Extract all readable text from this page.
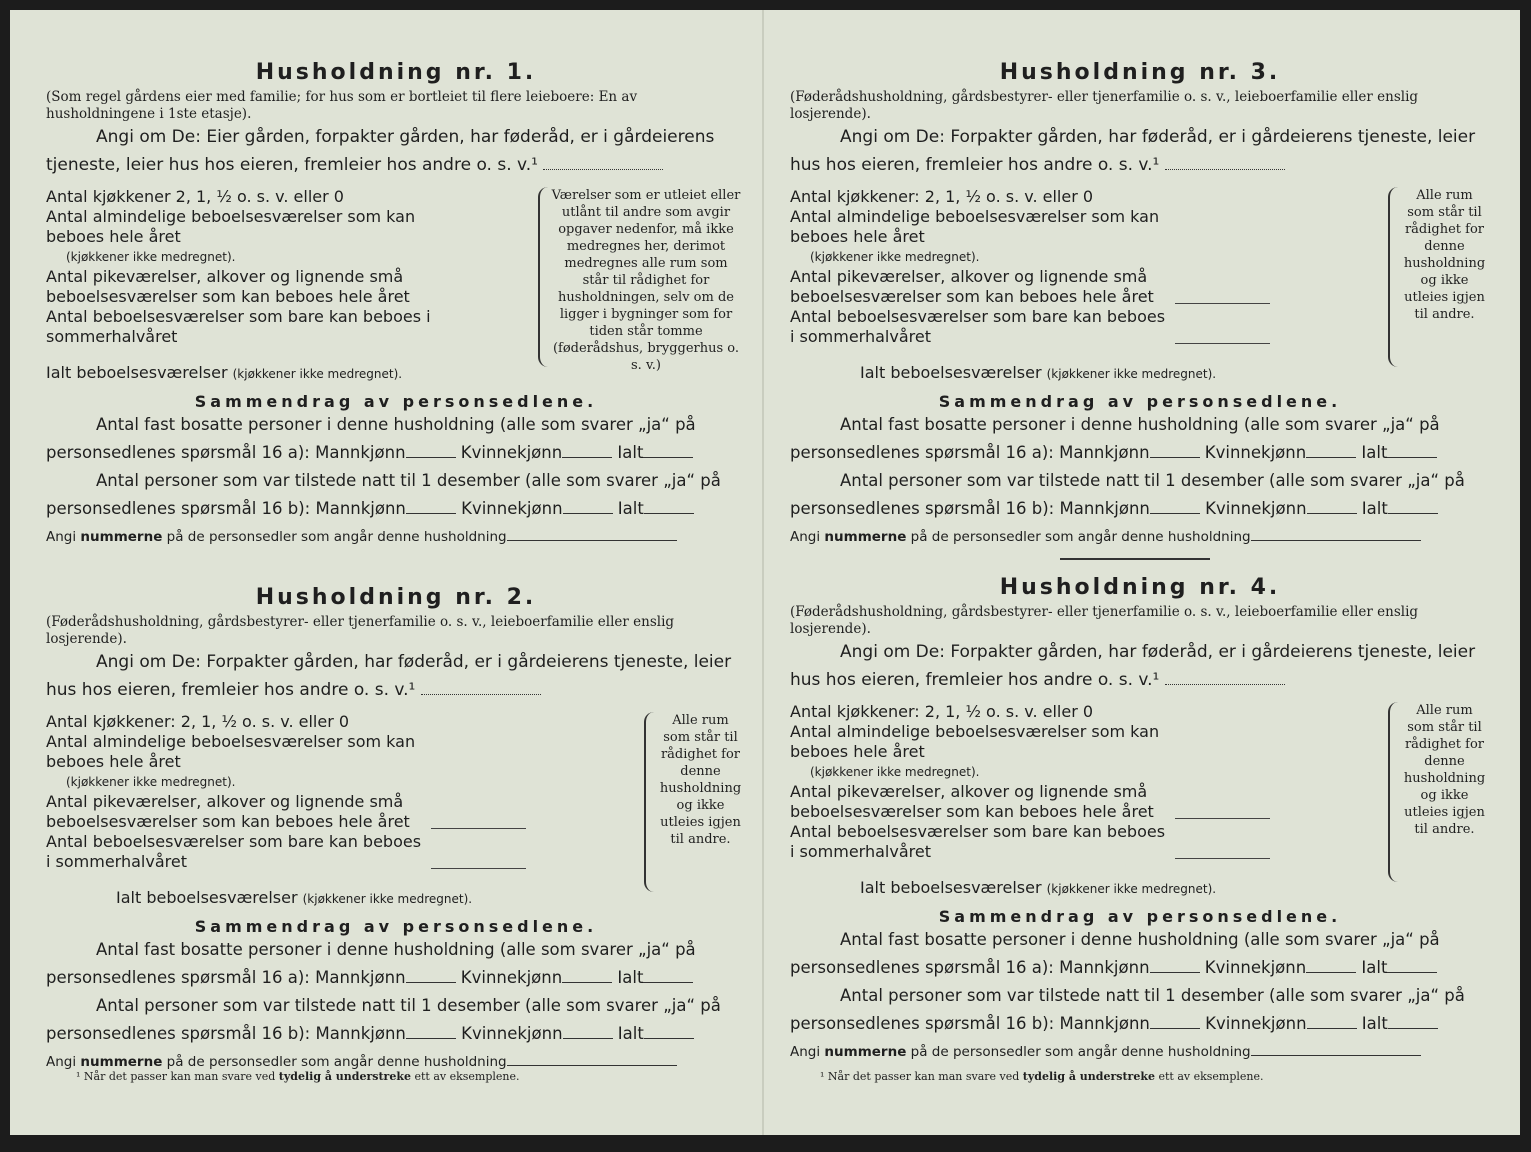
Husholdning nr. 1.

(Som regel gårdens eier med familie; for hus som er bortleiet til flere leieboere: En av husholdningene i 1ste etasje).

Angi om De: Eier gården, forpakter gården, har føderåd, er i gårdeierens tjeneste, leier hus hos eieren, fremleier hos andre o. s. v.¹
Antal kjøkkener 2, 1, ½ o. s. v. eller 0
Antal almindelige beboelsesværelser som kan beboes hele året
(kjøkkener ikke medregnet).
Antal pikeværelser, alkover og lignende små beboelsesværelser som kan beboes hele året
Antal beboelsesværelser som bare kan beboes i sommerhalvåret
Ialt beboelsesværelser (kjøkkener ikke medregnet).
Værelser som er utleiet eller utlånt til andre som avgir opgaver nedenfor, må ikke medregnes her, derimot medregnes alle rum som står til rådighet for husholdningen, selv om de ligger i bygninger som for tiden står tomme (føderådshus, bryggerhus o. s. v.)

Sammendrag av personsedlene.

Antal fast bosatte personer i denne husholdning (alle som svarer „ja“ på
personsedlenes spørsmål 16 a): Mannkjønn	Kvinnekjønn	Ialt
Antal personer som var tilstede natt til 1 desember (alle som svarer „ja“ på
personsedlenes spørsmål 16 b): Mannkjønn	Kvinnekjønn	Ialt
Angi nummerne på de personsedler som angår denne husholdning
Husholdning nr. 2.

(Føderådshusholdning, gårdsbestyrer- eller tjenerfamilie o. s. v., leieboerfamilie eller enslig losjerende).

Angi om De: Forpakter gården, har føderåd, er i gårdeierens tjeneste, leier hus hos eieren, fremleier hos andre o. s. v.¹
Antal kjøkkener: 2, 1, ½ o. s. v. eller 0
Antal almindelige beboelsesværelser som kan beboes hele året
(kjøkkener ikke medregnet).
Antal pikeværelser, alkover og lignende små beboelsesværelser som kan beboes hele året
Antal beboelsesværelser som bare kan beboes i sommerhalvåret
Ialt beboelsesværelser (kjøkkener ikke medregnet).
Alle rum som står til rådighet for denne husholdning og ikke utleies igjen til andre.

Sammendrag av personsedlene.

Antal fast bosatte personer i denne husholdning (alle som svarer „ja“ på
personsedlenes spørsmål 16 a): Mannkjønn	Kvinnekjønn	Ialt
Antal personer som var tilstede natt til 1 desember (alle som svarer „ja“ på
personsedlenes spørsmål 16 b): Mannkjønn	Kvinnekjønn	Ialt
Angi nummerne på de personsedler som angår denne husholdning
¹ Når det passer kan man svare ved tydelig å understreke ett av eksemplene.
Husholdning nr. 3.

(Føderådshusholdning, gårdsbestyrer- eller tjenerfamilie o. s. v., leieboerfamilie eller enslig losjerende).

Angi om De: Forpakter gården, har føderåd, er i gårdeierens tjeneste, leier hus hos eieren, fremleier hos andre o. s. v.¹
Antal kjøkkener: 2, 1, ½ o. s. v. eller 0
Antal almindelige beboelsesværelser som kan beboes hele året
(kjøkkener ikke medregnet).
Antal pikeværelser, alkover og lignende små beboelsesværelser som kan beboes hele året
Antal beboelsesværelser som bare kan beboes i sommerhalvåret
Ialt beboelsesværelser (kjøkkener ikke medregnet).
Alle rum som står til rådighet for denne husholdning og ikke utleies igjen til andre.

Sammendrag av personsedlene.

Antal fast bosatte personer i denne husholdning (alle som svarer „ja“ på
personsedlenes spørsmål 16 a): Mannkjønn	Kvinnekjønn	Ialt
Antal personer som var tilstede natt til 1 desember (alle som svarer „ja“ på
personsedlenes spørsmål 16 b): Mannkjønn	Kvinnekjønn	Ialt
Angi nummerne på de personsedler som angår denne husholdning
Husholdning nr. 4.

(Føderådshusholdning, gårdsbestyrer- eller tjenerfamilie o. s. v., leieboerfamilie eller enslig losjerende).

Angi om De: Forpakter gården, har føderåd, er i gårdeierens tjeneste, leier hus hos eieren, fremleier hos andre o. s. v.¹
Antal kjøkkener: 2, 1, ½ o. s. v. eller 0
Antal almindelige beboelsesværelser som kan beboes hele året
(kjøkkener ikke medregnet).
Antal pikeværelser, alkover og lignende små beboelsesværelser som kan beboes hele året
Antal beboelsesværelser som bare kan beboes i sommerhalvåret
Ialt beboelsesværelser (kjøkkener ikke medregnet).
Alle rum som står til rådighet for denne husholdning og ikke utleies igjen til andre.

Sammendrag av personsedlene.

Antal fast bosatte personer i denne husholdning (alle som svarer „ja“ på
personsedlenes spørsmål 16 a): Mannkjønn	Kvinnekjønn	Ialt
Antal personer som var tilstede natt til 1 desember (alle som svarer „ja“ på
personsedlenes spørsmål 16 b): Mannkjønn	Kvinnekjønn	Ialt
Angi nummerne på de personsedler som angår denne husholdning
¹ Når det passer kan man svare ved tydelig å understreke ett av eksemplene.
